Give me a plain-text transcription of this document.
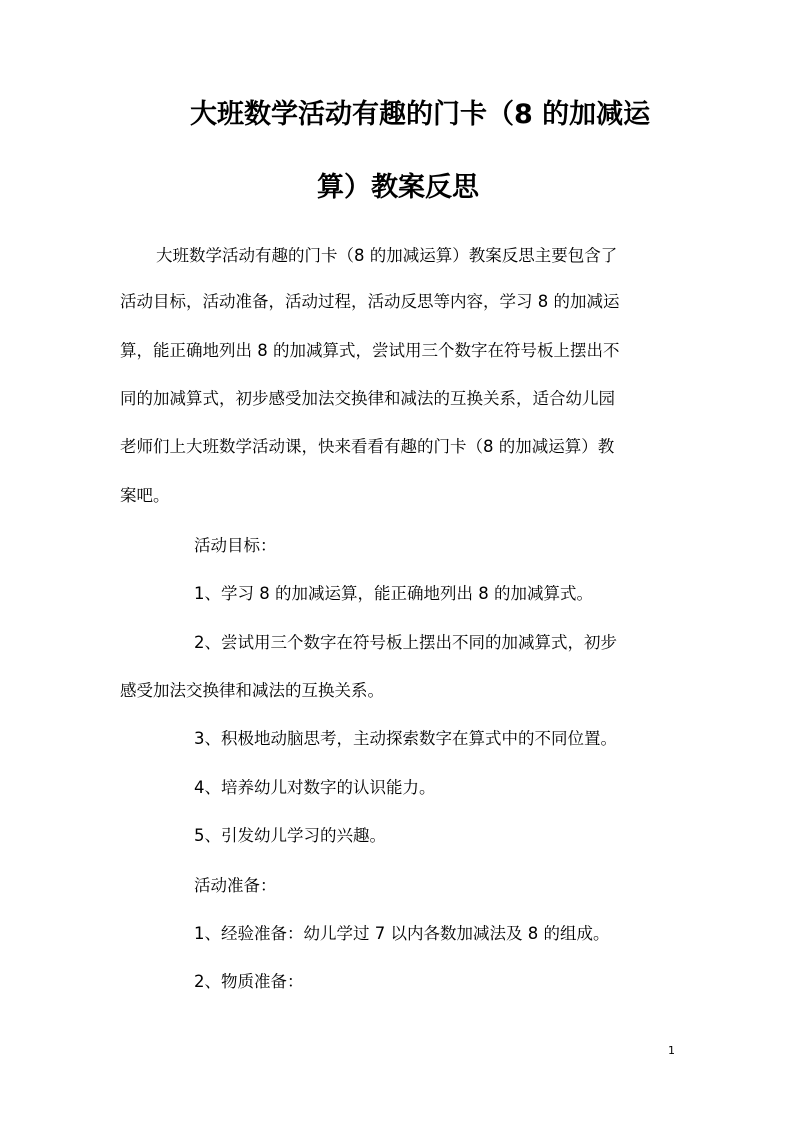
大班数学活动有趣的门卡（8 的加减运
算）教案反思
大班数学活动有趣的门卡（8 的加减运算）教案反思主要包含了
活动目标，活动准备，活动过程，活动反思等内容，学习 8 的加减运
算，能正确地列出 8 的加减算式，尝试用三个数字在符号板上摆出不
同的加减算式，初步感受加法交换律和减法的互换关系，适合幼儿园
老师们上大班数学活动课，快来看看有趣的门卡（8 的加减运算）教
案吧。
活动目标：
1、学习 8 的加减运算，能正确地列出 8 的加减算式。
2、尝试用三个数字在符号板上摆出不同的加减算式，初步
感受加法交换律和减法的互换关系。
3、积极地动脑思考，主动探索数字在算式中的不同位置。
4、培养幼儿对数字的认识能力。
5、引发幼儿学习的兴趣。
活动准备：
1、经验准备：幼儿学过 7 以内各数加减法及 8 的组成。
2、物质准备：
1
